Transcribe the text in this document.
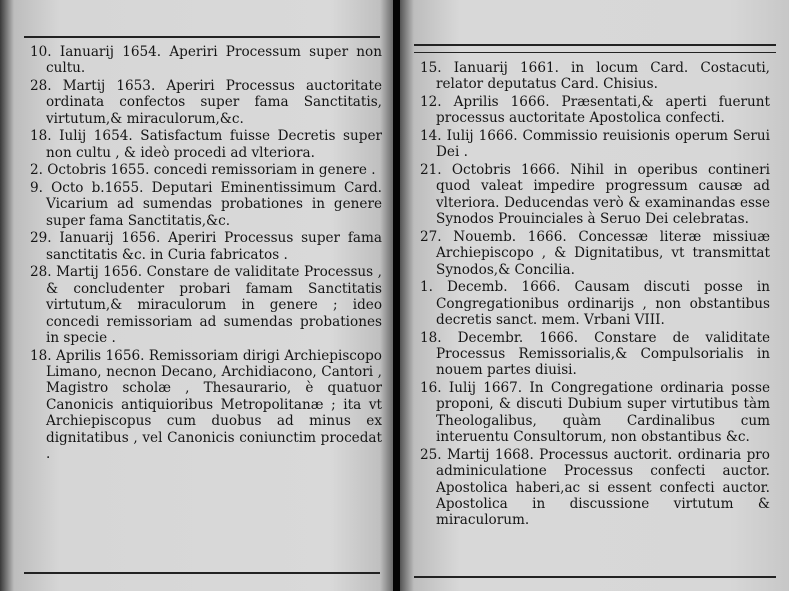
10. Ianuarij 1654. Aperiri Processum super non cultu.

28. Martij 1653. Aperiri Processus auctoritate ordinata confectos super fama Sanctitatis, virtutum,& miraculorum,&c.

18. Iulij 1654. Satisfactum fuisse Decretis super non cultu , & ideò procedi ad vlteriora.

2. Octobris 1655. concedi remissoriam in genere .

9. Octo b.1655. Deputari Eminentissimum Card. Vicarium ad sumendas probationes in genere super fama Sanctitatis,&c.

29. Ianuarij 1656. Aperiri Processus super fama sanctitatis &c. in Curia fabricatos .

28. Martij 1656. Constare de validitate Processus , & concludenter probari famam Sanctitatis virtutum,& miraculorum in genere ; ideo concedi remissoriam ad sumendas probationes in specie .

18. Aprilis 1656. Remissoriam dirigi Archiepiscopo Limano, necnon Decano, Archidiacono, Cantori , Magistro scholæ , Thesaurario, è quatuor Canonicis antiquioribus Metropolitanæ ; ita vt Archiepiscopus cum duobus ad minus ex dignitatibus , vel Canonicis coniunctim procedat .

15. Ianuarij 1661. in locum Card. Costacuti, relator deputatus Card. Chisius.

12. Aprilis 1666. Præsentati,& aperti fuerunt processus auctoritate Apostolica confecti.

14. Iulij 1666. Commissio reuisionis operum Serui Dei .

21. Octobris 1666. Nihil in operibus contineri quod valeat impedire progressum causæ ad vlteriora. Deducendas verò & examinandas esse Synodos Prouinciales à Seruo Dei celebratas.

27. Nouemb. 1666. Concessæ literæ missiuæ Archiepiscopo , & Dignitatibus, vt transmittat Synodos,& Concilia.

1. Decemb. 1666. Causam discuti posse in Congregationibus ordinarijs , non obstantibus decretis sanct. mem. Vrbani VIII.

18. Decembr. 1666. Constare de validitate Processus Remissorialis,& Compulsorialis in nouem partes diuisi.

16. Iulij 1667. In Congregatione ordinaria posse proponi, & discuti Dubium super virtutibus tàm Theologalibus, quàm Cardinalibus cum interuentu Consultorum, non obstantibus &c.

25. Martij 1668. Processus auctorit. ordinaria pro adminiculatione Processus confecti auctor. Apostolica haberi,ac si essent confecti auctor. Apostolica in discussione virtutum & miraculorum.
